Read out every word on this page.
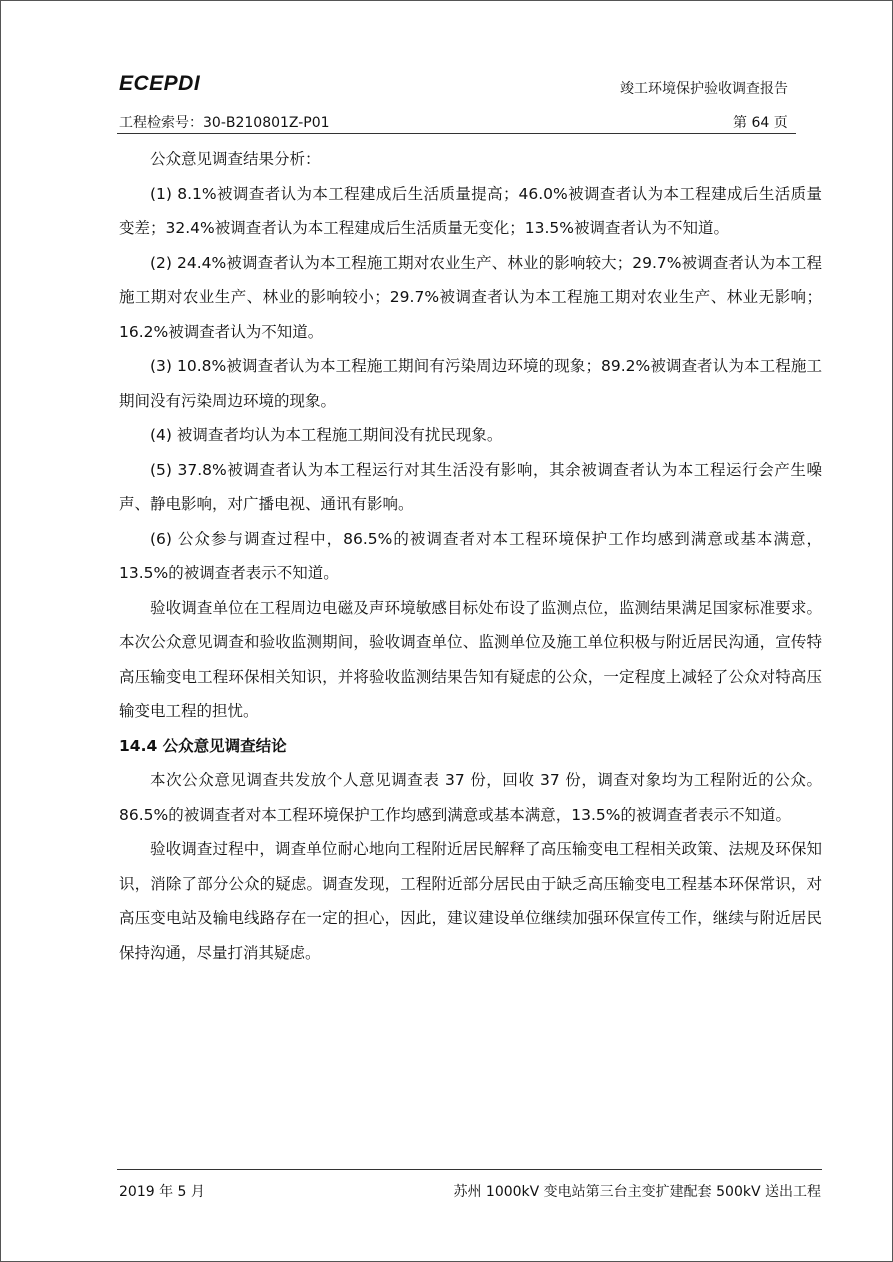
ECEPDI	竣工环境保护验收调查报告
工程检索号：30-B210801Z-P01	第 64 页

公众意见调查结果分析：

(1) 8.1%被调查者认为本工程建成后生活质量提高；46.0%被调查者认为本工程建成后生活质量变差；32.4%被调查者认为本工程建成后生活质量无变化；13.5%被调查者认为不知道。

(2) 24.4%被调查者认为本工程施工期对农业生产、林业的影响较大；29.7%被调查者认为本工程施工期对农业生产、林业的影响较小；29.7%被调查者认为本工程施工期对农业生产、林业无影响；16.2%被调查者认为不知道。

(3) 10.8%被调查者认为本工程施工期间有污染周边环境的现象；89.2%被调查者认为本工程施工期间没有污染周边环境的现象。

(4) 被调查者均认为本工程施工期间没有扰民现象。

(5) 37.8%被调查者认为本工程运行对其生活没有影响，其余被调查者认为本工程运行会产生噪声、静电影响，对广播电视、通讯有影响。

(6) 公众参与调查过程中，86.5%的被调查者对本工程环境保护工作均感到满意或基本满意，13.5%的被调查者表示不知道。

验收调查单位在工程周边电磁及声环境敏感目标处布设了监测点位，监测结果满足国家标准要求。本次公众意见调查和验收监测期间，验收调查单位、监测单位及施工单位积极与附近居民沟通，宣传特高压输变电工程环保相关知识，并将验收监测结果告知有疑虑的公众，一定程度上减轻了公众对特高压输变电工程的担忧。

14.4 公众意见调查结论

本次公众意见调查共发放个人意见调查表 37 份，回收 37 份，调查对象均为工程附近的公众。86.5%的被调查者对本工程环境保护工作均感到满意或基本满意，13.5%的被调查者表示不知道。

验收调查过程中，调查单位耐心地向工程附近居民解释了高压输变电工程相关政策、法规及环保知识，消除了部分公众的疑虑。调查发现，工程附近部分居民由于缺乏高压输变电工程基本环保常识，对高压变电站及输电线路存在一定的担心，因此，建议建设单位继续加强环保宣传工作，继续与附近居民保持沟通，尽量打消其疑虑。

2019 年 5 月	苏州 1000kV 变电站第三台主变扩建配套 500kV 送出工程
